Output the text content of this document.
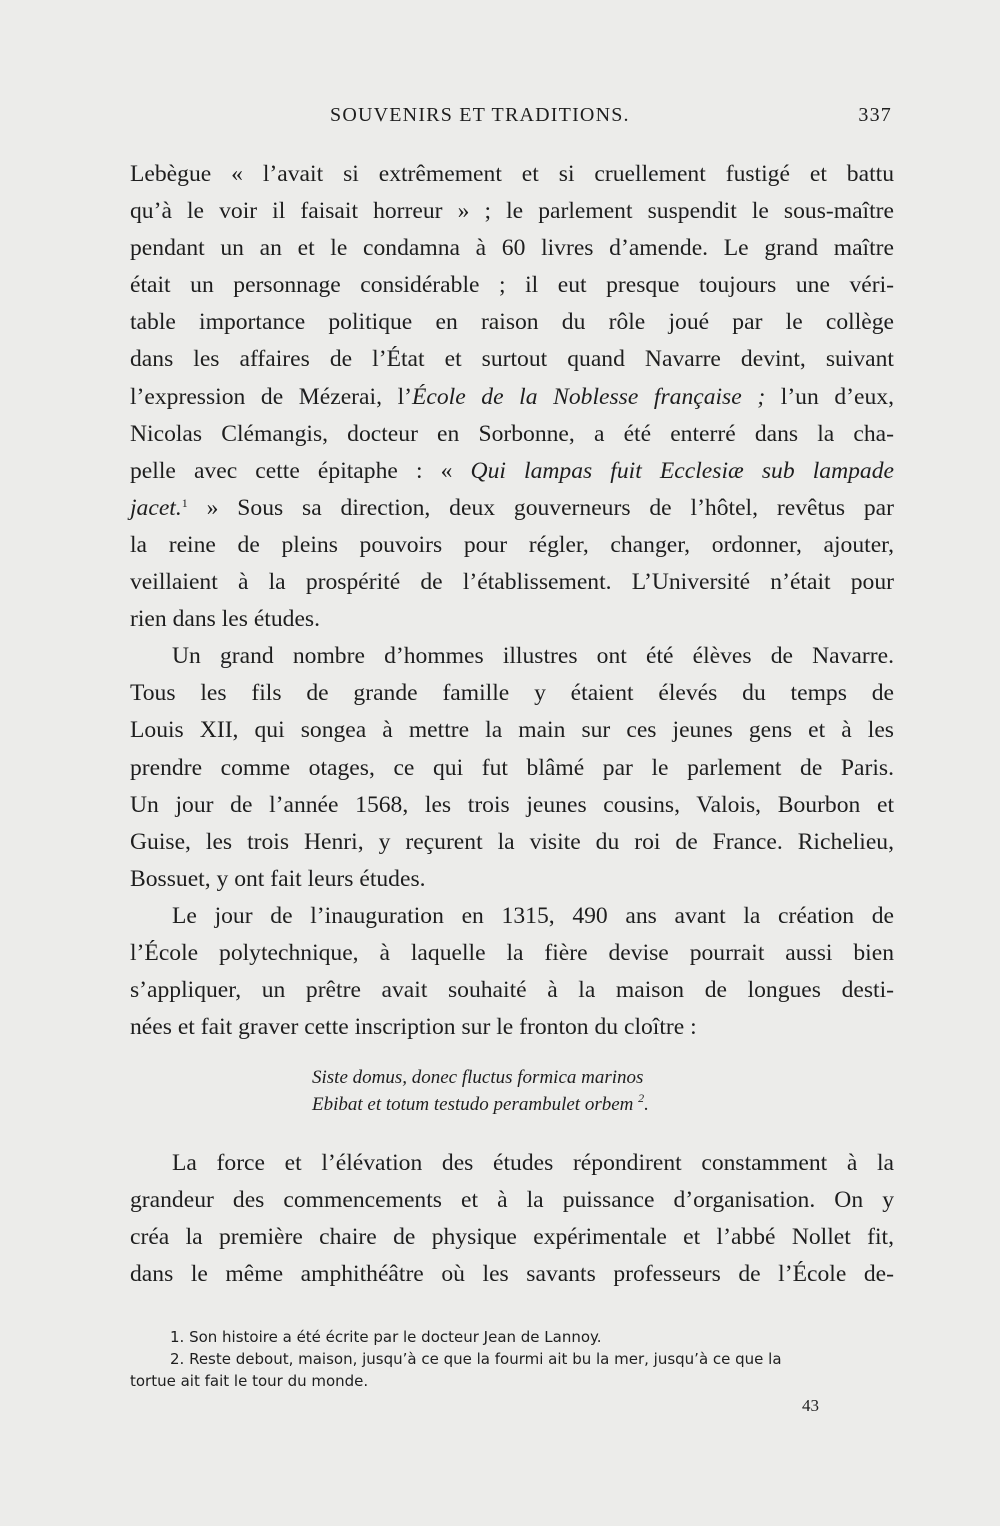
SOUVENIRS ET TRADITIONS.	337

Lebègue « l’avait si extrêmement et si cruellement fustigé et battu
qu’à le voir il faisait horreur » ; le parlement suspendit le sous-maître
pendant un an et le condamna à 60 livres d’amende. Le grand maître
était un personnage considérable ; il eut presque toujours une véri-
table importance politique en raison du rôle joué par le collège
dans les affaires de l’État et surtout quand Navarre devint, suivant
l’expression de Mézerai, l’École de la Noblesse française ; l’un d’eux,
Nicolas Clémangis, docteur en Sorbonne, a été enterré dans la cha-
pelle avec cette épitaphe : « Qui lampas fuit Ecclesiæ sub lampade
jacet.$^1$ » Sous sa direction, deux gouverneurs de l’hôtel, revêtus par
la reine de pleins pouvoirs pour régler, changer, ordonner, ajouter,
veillaient à la prospérité de l’établissement. L’Université n’était pour
rien dans les études.

Un grand nombre d’hommes illustres ont été élèves de Navarre.
Tous les fils de grande famille y étaient élevés du temps de
Louis XII, qui songea à mettre la main sur ces jeunes gens et à les
prendre comme otages, ce qui fut blâmé par le parlement de Paris.
Un jour de l’année 1568, les trois jeunes cousins, Valois, Bourbon et
Guise, les trois Henri, y reçurent la visite du roi de France. Richelieu,
Bossuet, y ont fait leurs études.

Le jour de l’inauguration en 1315, 490 ans avant la création de
l’École polytechnique, à laquelle la fière devise pourrait aussi bien
s’appliquer, un prêtre avait souhaité à la maison de longues desti-
nées et fait graver cette inscription sur le fronton du cloître :

Siste domus, donec fluctus formica marinos
Ebibat et totum testudo perambulet orbem $^2$.
La force et l’élévation des études répondirent constamment à la
grandeur des commencements et à la puissance d’organisation. On y
créa la première chaire de physique expérimentale et l’abbé Nollet fit,
dans le même amphithéâtre où les savants professeurs de l’École de-
1. Son histoire a été écrite par le docteur Jean de Lannoy.
2. Reste debout, maison, jusqu’à ce que la fourmi ait bu la mer, jusqu’à ce que la
tortue ait fait le tour du monde.
43
